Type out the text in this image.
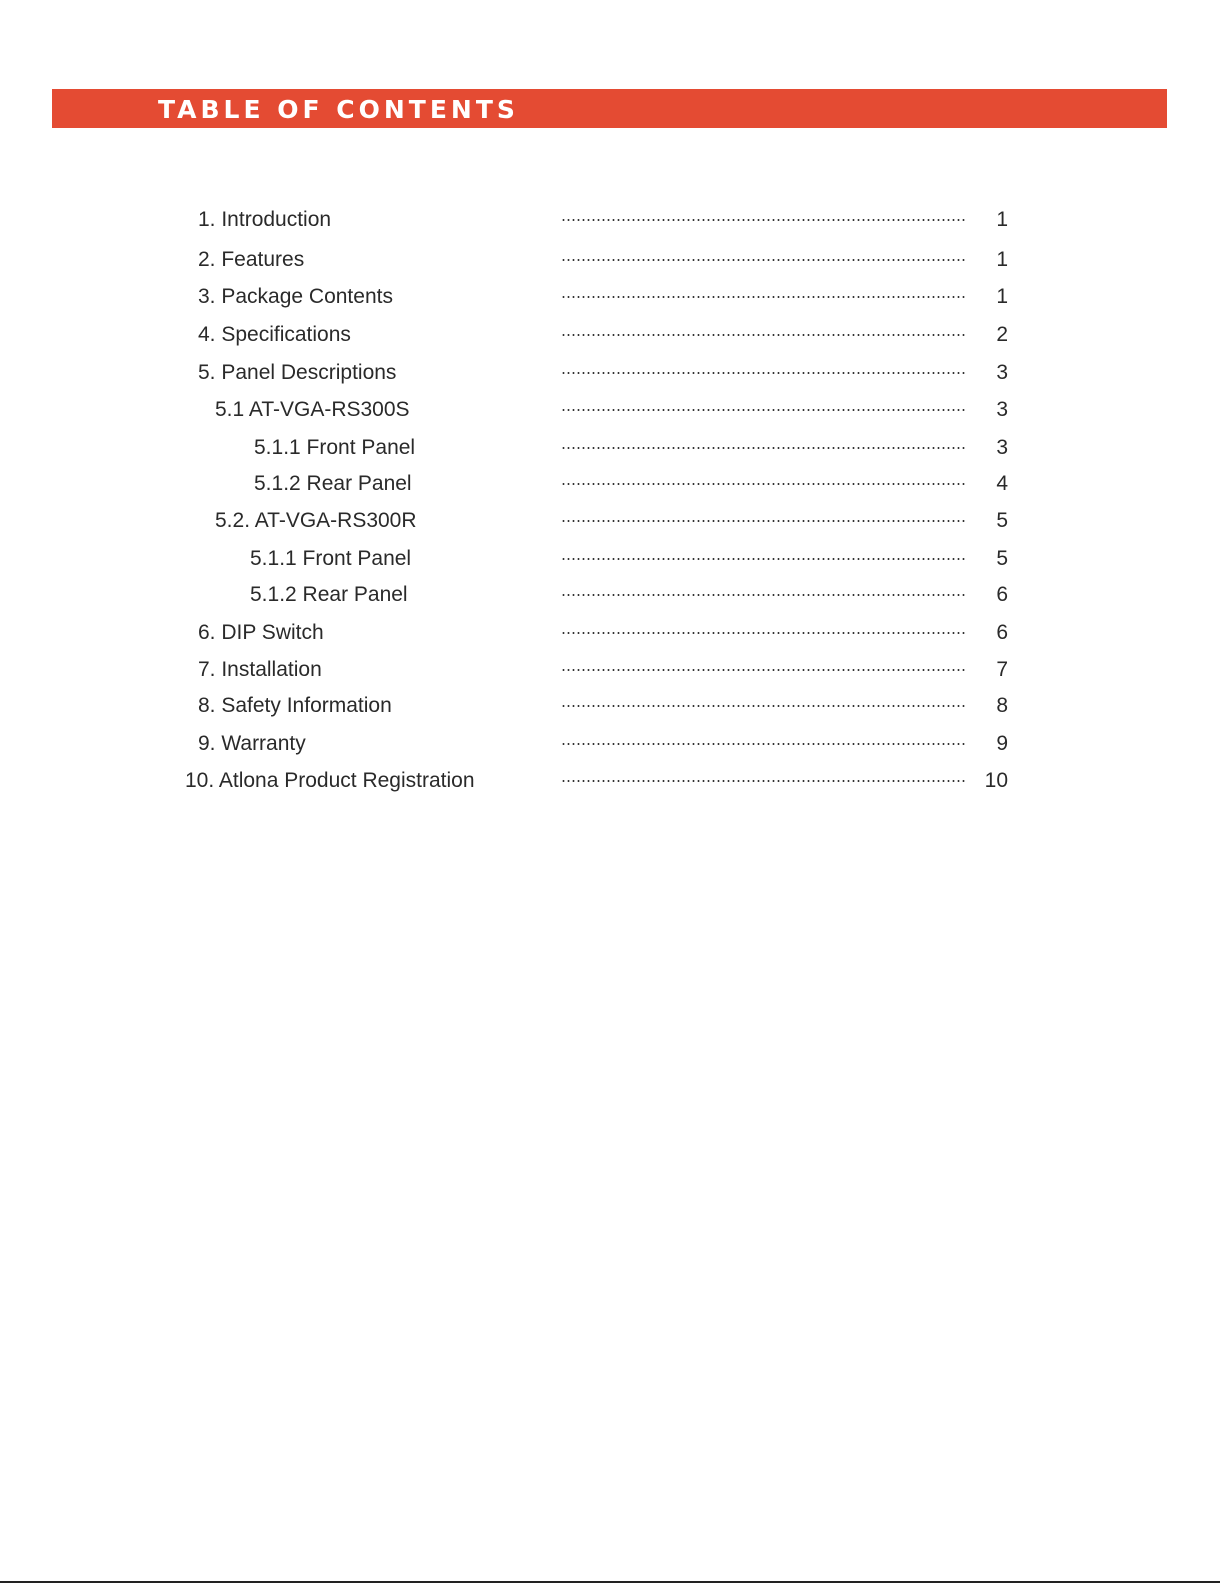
TABLE OF CONTENTS
1. Introduction	1
2. Features	1
3. Package Contents	1
4. Specifications	2
5. Panel Descriptions	3
5.1 AT-VGA-RS300S	3
5.1.1 Front Panel	3
5.1.2 Rear Panel	4
5.2. AT-VGA-RS300R	5
5.1.1 Front Panel	5
5.1.2 Rear Panel	6
6. DIP Switch	6
7. Installation	7
8. Safety Information	8
9. Warranty	9
10. Atlona Product Registration	10
